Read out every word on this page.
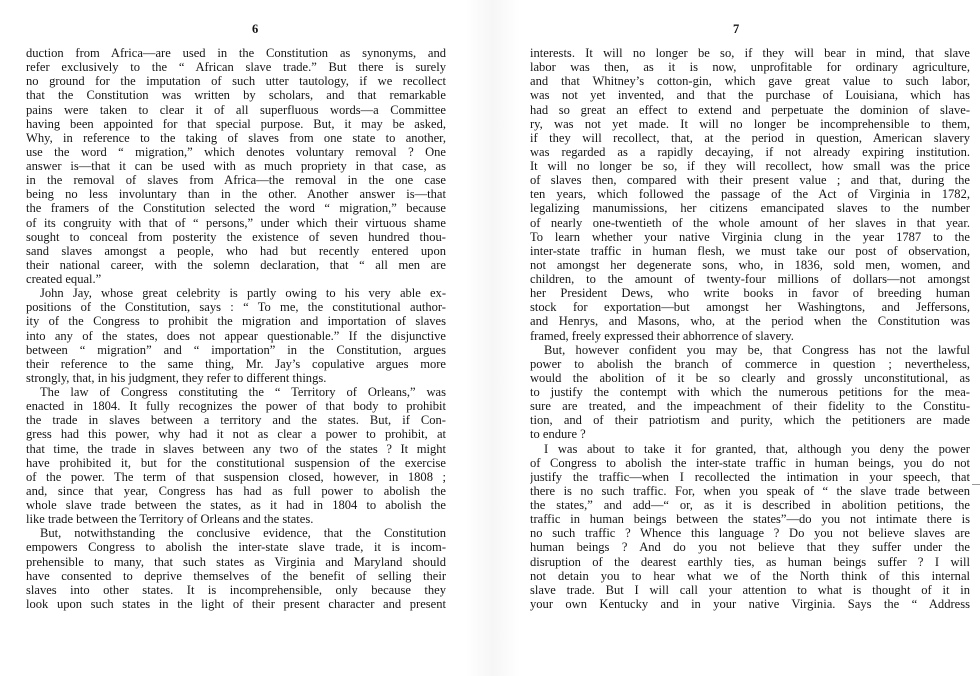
6
duction from Africa—are used in the Constitution as synonyms, and
refer exclusively to the “ African slave trade.” But there is surely
no ground for the imputation of such utter tautology, if we recollect
that the Constitution was written by scholars, and that remarkable
pains were taken to clear it of all superfluous words—a Committee
having been appointed for that special purpose. But, it may be asked,
Why, in reference to the taking of slaves from one state to another,
use the word “ migration,” which denotes voluntary removal ? One
answer is—that it can be used with as much propriety in that case, as
in the removal of slaves from Africa—the removal in the one case
being no less involuntary than in the other. Another answer is—that
the framers of the Constitution selected the word “ migration,” because
of its congruity with that of “ persons,” under which their virtuous shame
sought to conceal from posterity the existence of seven hundred thou-
sand slaves amongst a people, who had but recently entered upon
their national career, with the solemn declaration, that “ all men are
created equal.”
John Jay, whose great celebrity is partly owing to his very able ex-
positions of the Constitution, says : “ To me, the constitutional author-
ity of the Congress to prohibit the migration and importation of slaves
into any of the states, does not appear questionable.” If the disjunctive
between “ migration” and “ importation” in the Constitution, argues
their reference to the same thing, Mr. Jay’s copulative argues more
strongly, that, in his judgment, they refer to different things.
The law of Congress constituting the “ Territory of Orleans,” was
enacted in 1804. It fully recognizes the power of that body to prohibit
the trade in slaves between a territory and the states. But, if Con-
gress had this power, why had it not as clear a power to prohibit, at
that time, the trade in slaves between any two of the states ? It might
have prohibited it, but for the constitutional suspension of the exercise
of the power. The term of that suspension closed, however, in 1808 ;
and, since that year, Congress has had as full power to abolish the
whole slave trade between the states, as it had in 1804 to abolish the
like trade between the Territory of Orleans and the states.
But, notwithstanding the conclusive evidence, that the Constitution
empowers Congress to abolish the inter-state slave trade, it is incom-
prehensible to many, that such states as Virginia and Maryland should
have consented to deprive themselves of the benefit of selling their
slaves into other states. It is incomprehensible, only because they
look upon such states in the light of their present character and present
7
interests. It will no longer be so, if they will bear in mind, that slave
labor was then, as it is now, unprofitable for ordinary agriculture,
and that Whitney’s cotton-gin, which gave great value to such labor,
was not yet invented, and that the purchase of Louisiana, which has
had so great an effect to extend and perpetuate the dominion of slave-
ry, was not yet made. It will no longer be incomprehensible to them,
if they will recollect, that, at the period in question, American slavery
was regarded as a rapidly decaying, if not already expiring institution.
It will no longer be so, if they will recollect, how small was the price
of slaves then, compared with their present value ; and that, during the
ten years, which followed the passage of the Act of Virginia in 1782,
legalizing manumissions, her citizens emancipated slaves to the number
of nearly one-twentieth of the whole amount of her slaves in that year.
To learn whether your native Virginia clung in the year 1787 to the
inter-state traffic in human flesh, we must take our post of observation,
not amongst her degenerate sons, who, in 1836, sold men, women, and
children, to the amount of twenty-four millions of dollars—not amongst
her President Dews, who write books in favor of breeding human
stock for exportation—but amongst her Washingtons, and Jeffersons,
and Henrys, and Masons, who, at the period when the Constitution was
framed, freely expressed their abhorrence of slavery.
But, however confident you may be, that Congress has not the lawful
power to abolish the branch of commerce in question ; nevertheless,
would the abolition of it be so clearly and grossly unconstitutional, as
to justify the contempt with which the numerous petitions for the mea-
sure are treated, and the impeachment of their fidelity to the Constitu-
tion, and of their patriotism and purity, which the petitioners are made
to endure ?
I was about to take it for granted, that, although you deny the power
of Congress to abolish the inter-state traffic in human beings, you do not
justify the traffic—when I recollected the intimation in your speech, that
there is no such traffic. For, when you speak of “ the slave trade between
the states,” and add—“ or, as it is described in abolition petitions, the
traffic in human beings between the states”—do you not intimate there is
no such traffic ? Whence this language ? Do you not believe slaves are
human beings ? And do you not believe that they suffer under the
disruption of the dearest earthly ties, as human beings suffer ? I will
not detain you to hear what we of the North think of this internal
slave trade. But I will call your attention to what is thought of it in
your own Kentucky and in your native Virginia. Says the “ Address
